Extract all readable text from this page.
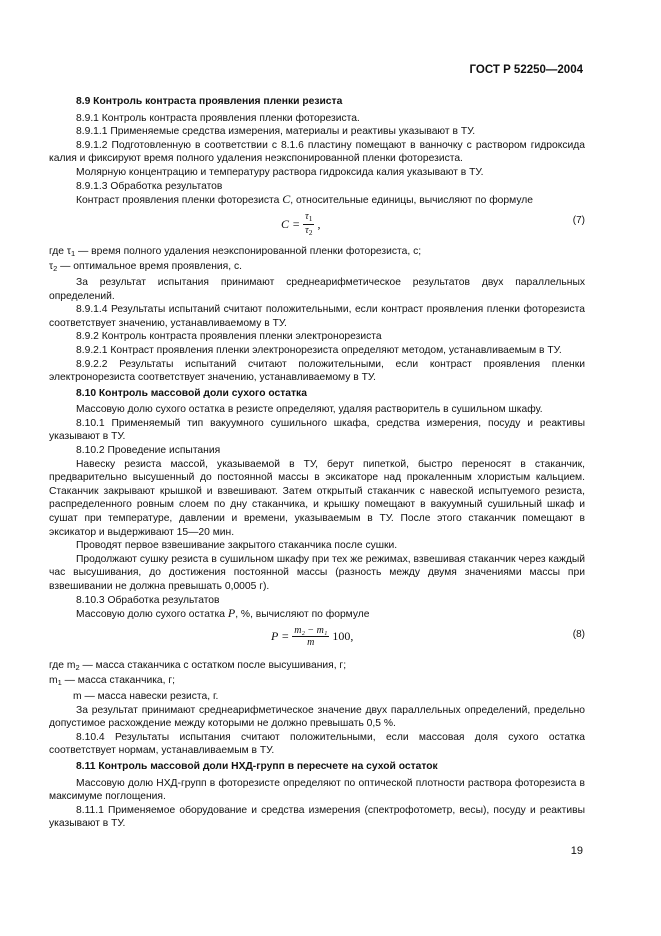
ГОСТ Р 52250—2004

8.9 Контроль контраста проявления пленки резиста

8.9.1 Контроль контраста проявления пленки фоторезиста.

8.9.1.1 Применяемые средства измерения, материалы и реактивы указывают в ТУ.

8.9.1.2 Подготовленную в соответствии с 8.1.6 пластину помещают в ванночку с раствором гидроксида калия и фиксируют время полного удаления неэкспонированной пленки фоторезиста.

Молярную концентрацию и температуру раствора гидроксида калия указывают в ТУ.

8.9.1.3 Обработка результатов

Контраст проявления пленки фоторезиста C, относительные единицы, вычисляют по формуле

$C = \frac{\tau_1}{\tau_2}$ ,	(7)

где $\tau_1$ — время полного удаления неэкспонированной пленки фоторезиста, с;

$\tau_2$ — оптимальное время проявления, с.

За результат испытания принимают среднеарифметическое результатов двух параллельных определений.

8.9.1.4 Результаты испытаний считают положительными, если контраст проявления пленки фоторезиста соответствует значению, устанавливаемому в ТУ.

8.9.2 Контроль контраста проявления пленки электронорезиста

8.9.2.1 Контраст проявления пленки электронорезиста определяют методом, устанавливаемым в ТУ.

8.9.2.2 Результаты испытаний считают положительными, если контраст проявления пленки электронорезиста соответствует значению, устанавливаемому в ТУ.

8.10 Контроль массовой доли сухого остатка

Массовую долю сухого остатка в резисте определяют, удаляя растворитель в сушильном шкафу.

8.10.1 Применяемый тип вакуумного сушильного шкафа, средства измерения, посуду и реактивы указывают в ТУ.

8.10.2 Проведение испытания

Навеску резиста массой, указываемой в ТУ, берут пипеткой, быстро переносят в стаканчик, предварительно высушенный до постоянной массы в эксикаторе над прокаленным хлористым кальцием. Стаканчик закрывают крышкой и взвешивают. Затем открытый стаканчик с навеской испытуемого резиста, распределенного ровным слоем по дну стаканчика, и крышку помещают в вакуумный сушильный шкаф и сушат при температуре, давлении и времени, указываемым в ТУ. После этого стаканчик помещают в эксикатор и выдерживают 15—20 мин.

Проводят первое взвешивание закрытого стаканчика после сушки.

Продолжают сушку резиста в сушильном шкафу при тех же режимах, взвешивая стаканчик через каждый час высушивания, до достижения постоянной массы (разность между двумя значениями массы при взвешивании не должна превышать 0,0005 г).

8.10.3 Обработка результатов

Массовую долю сухого остатка P, %, вычисляют по формуле

$P = \frac{\text{m₂ − m₁}}{m} 100$,	(8)

где $m_2$ — масса стаканчика с остатком после высушивания, г;

$m_1$ — масса стаканчика, г;

m — масса навески резиста, г.

За результат принимают среднеарифметическое значение двух параллельных определений, предельно допустимое расхождение между которыми не должно превышать 0,5 %.

8.10.4 Результаты испытания считают положительными, если массовая доля сухого остатка соответствует нормам, устанавливаемым в ТУ.

8.11 Контроль массовой доли НХД-групп в пересчете на сухой остаток

Массовую долю НХД-групп в фоторезисте определяют по оптической плотности раствора фоторезиста в максимуме поглощения.

8.11.1 Применяемое оборудование и средства измерения (спектрофотометр, весы), посуду и реактивы указывают в ТУ.

19
